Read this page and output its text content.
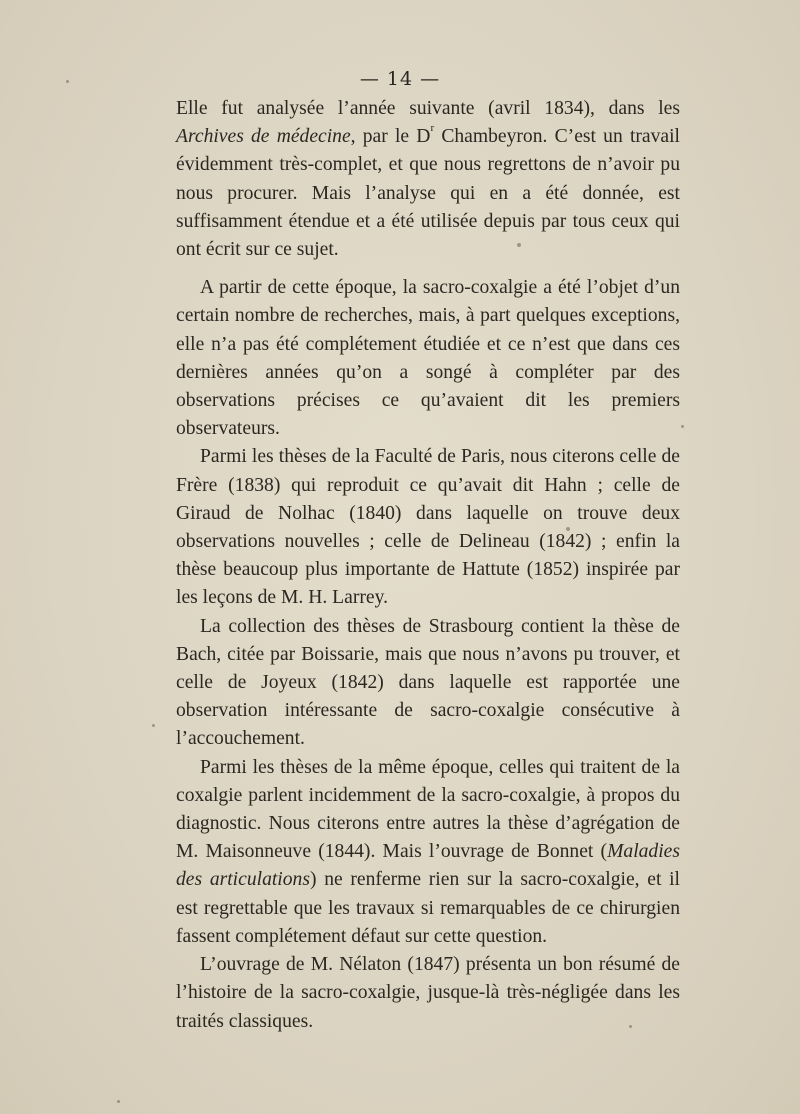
— 14 —

Elle fut analysée l’année suivante (avril 1834), dans les Archives de médecine, par le $D^r$ Chambeyron. C’est un travail évidemment très-complet, et que nous regrettons de n’avoir pu nous procurer. Mais l’analyse qui en a été donnée, est suffisamment étendue et a été utilisée depuis par tous ceux qui ont écrit sur ce sujet.

A partir de cette époque, la sacro-coxalgie a été l’objet d’un certain nombre de recherches, mais, à part quelques exceptions, elle n’a pas été complétement étudiée et ce n’est que dans ces dernières années qu’on a songé à compléter par des observations précises ce qu’avaient dit les premiers observateurs.

Parmi les thèses de la Faculté de Paris, nous citerons celle de Frère (1838) qui reproduit ce qu’avait dit Hahn ; celle de Giraud de Nolhac (1840) dans laquelle on trouve deux observations nouvelles ; celle de Delineau (1842) ; enfin la thèse beaucoup plus importante de Hattute (1852) inspirée par les leçons de M. H. Larrey.

La collection des thèses de Strasbourg contient la thèse de Bach, citée par Boissarie, mais que nous n’avons pu trouver, et celle de Joyeux (1842) dans laquelle est rapportée une observation intéressante de sacro-coxalgie consécutive à l’accouchement.

Parmi les thèses de la même époque, celles qui traitent de la coxalgie parlent incidemment de la sacro-coxalgie, à propos du diagnostic. Nous citerons entre autres la thèse d’agrégation de M. Maisonneuve (1844). Mais l’ouvrage de Bonnet (Maladies des articulations) ne renferme rien sur la sacro-coxalgie, et il est regrettable que les travaux si remarquables de ce chirurgien fassent complétement défaut sur cette question.

L’ouvrage de M. Nélaton (1847) présenta un bon résumé de l’histoire de la sacro-coxalgie, jusque-là très-négligée dans les traités classiques.
